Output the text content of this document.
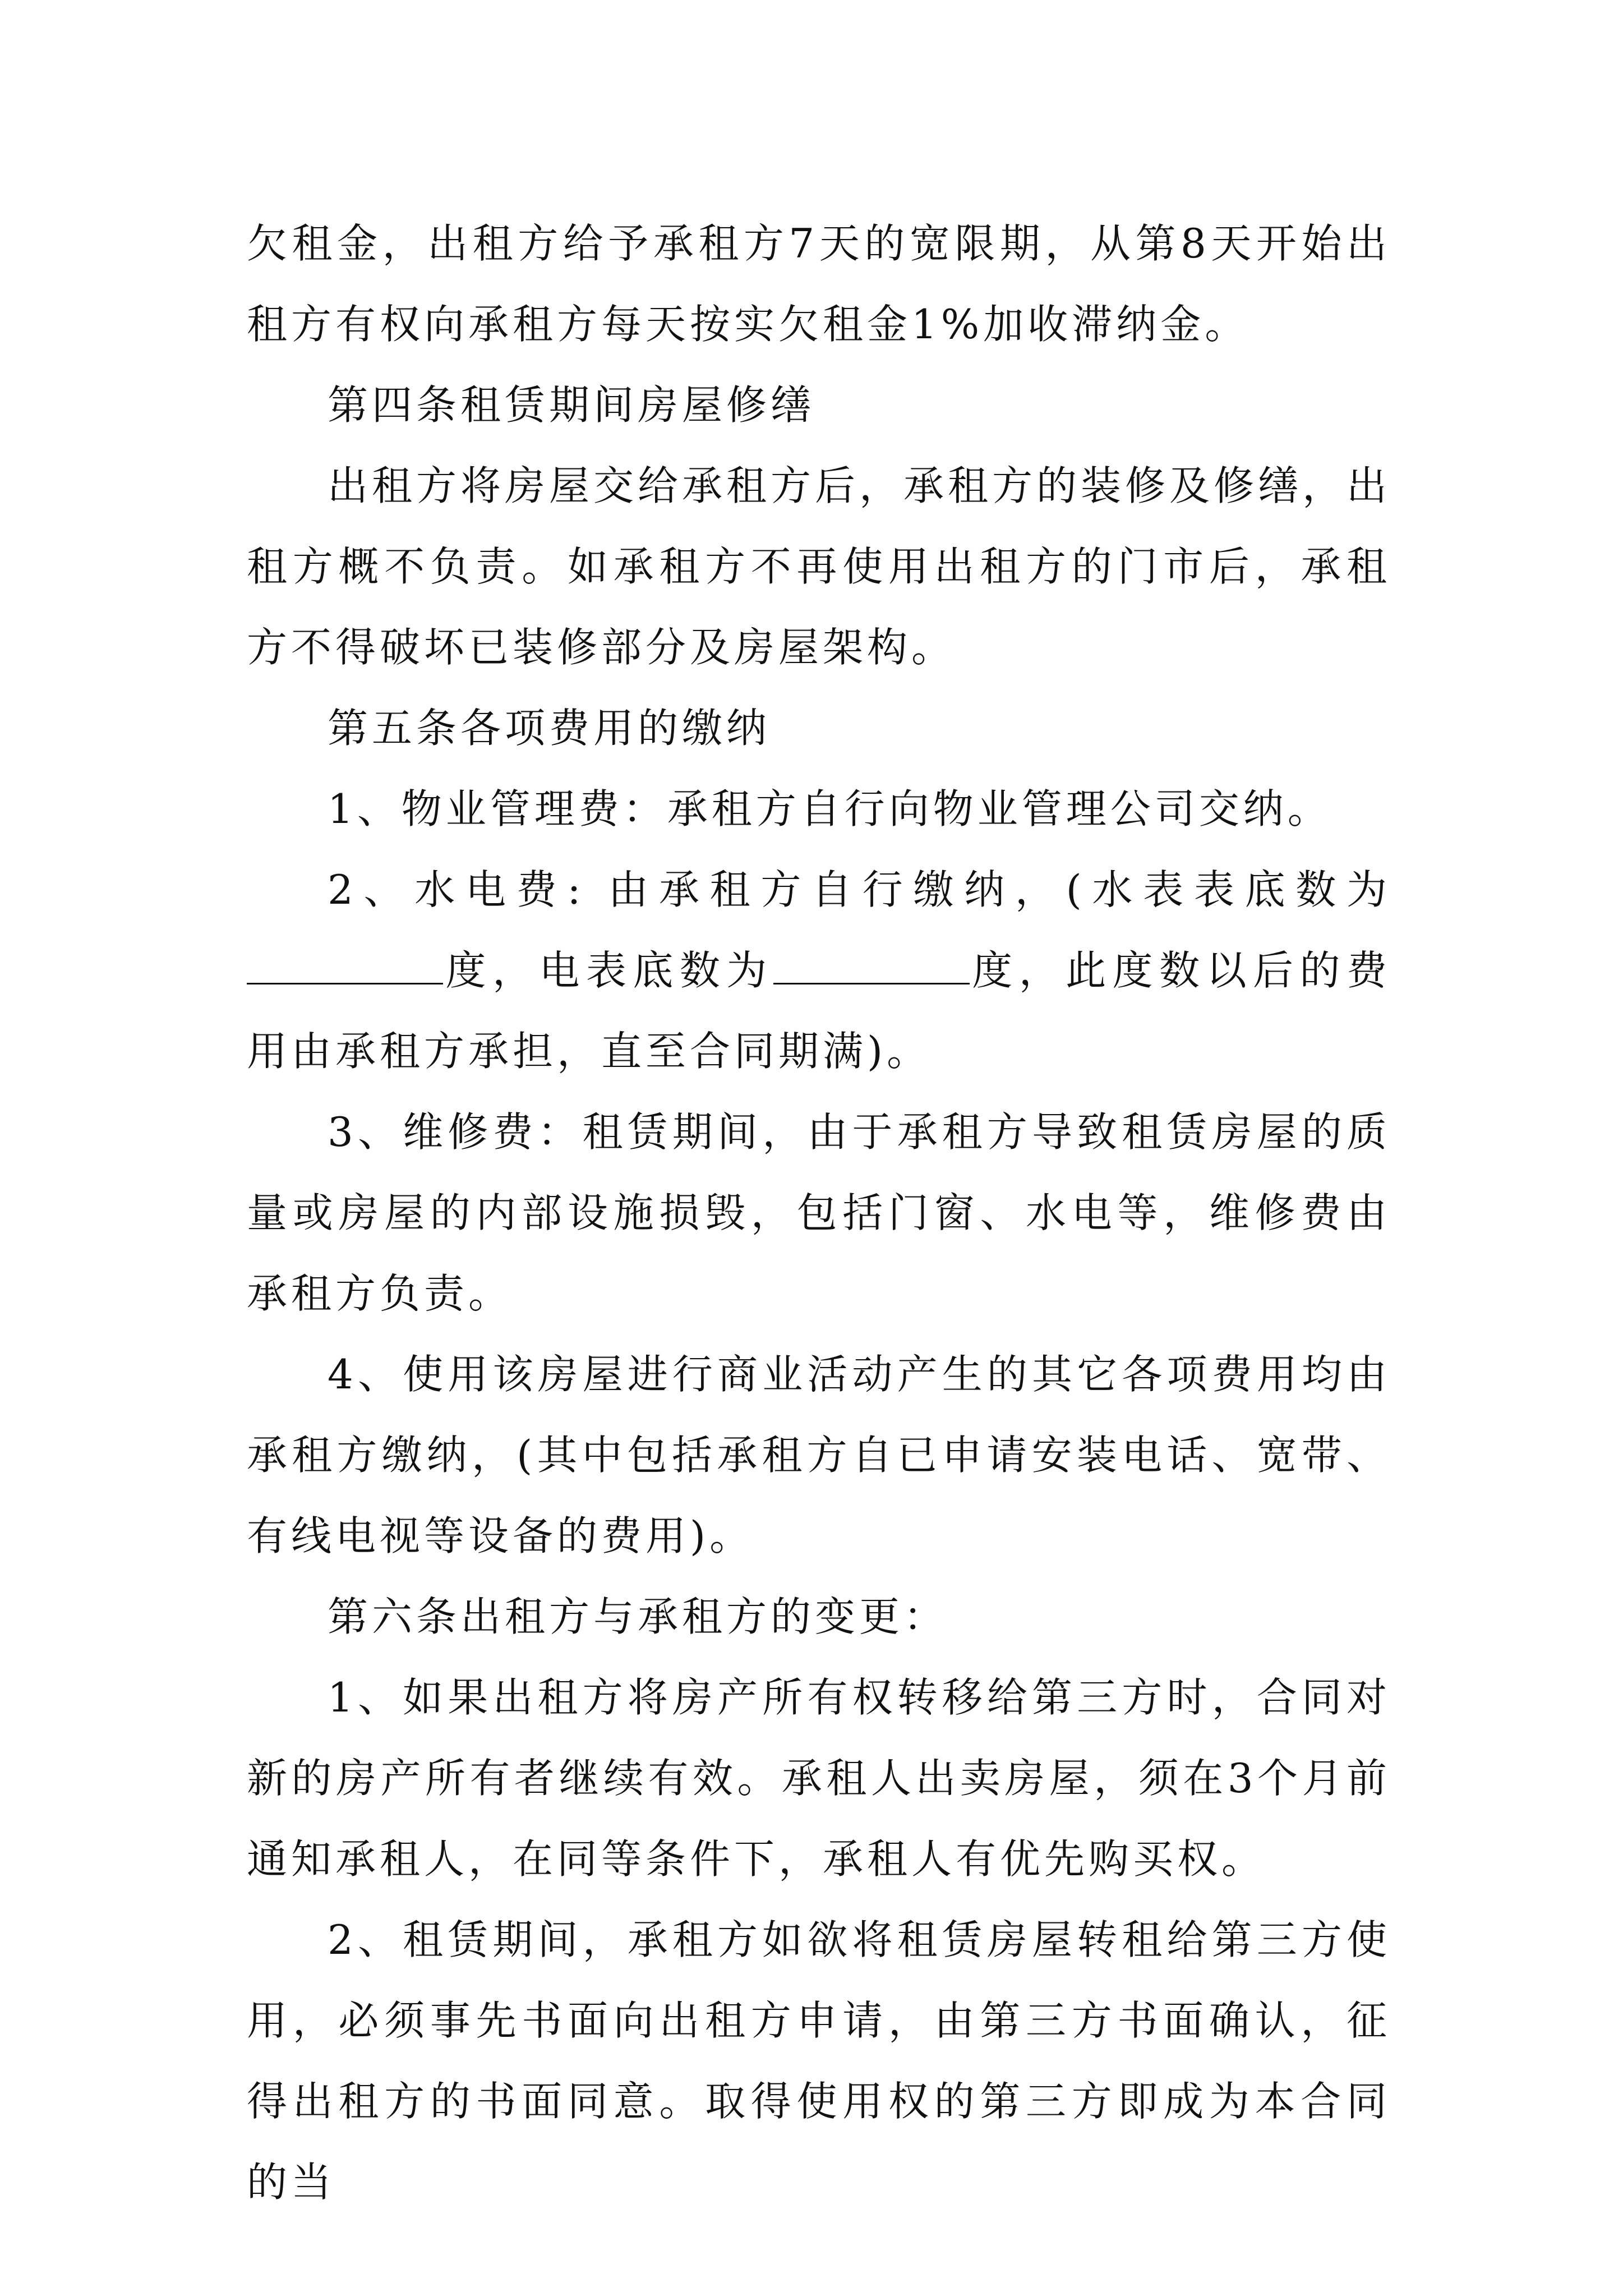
欠租金，出租方给予承租方7天的宽限期，从第8天开始出租方有权向承租方每天按实欠租金1%加收滞纳金。

第四条租赁期间房屋修缮

出租方将房屋交给承租方后，承租方的装修及修缮，出租方概不负责。如承租方不再使用出租方的门市后，承租方不得破坏已装修部分及房屋架构。

第五条各项费用的缴纳

1、物业管理费：承租方自行向物业管理公司交纳。

2、水电费: 由承租方自行缴纳，(水表表底数为度，电表底数为	度，此度数以后的费用由承租方承担，直至合同期满)。

3、维修费：租赁期间，由于承租方导致租赁房屋的质量或房屋的内部设施损毁，包括门窗、水电等，维修费由承租方负责。

4、使用该房屋进行商业活动产生的其它各项费用均由承租方缴纳，(其中包括承租方自已申请安装电话、宽带、有线电视等设备的费用)。

第六条出租方与承租方的变更：

1、如果出租方将房产所有权转移给第三方时，合同对新的房产所有者继续有效。承租人出卖房屋，须在3个月前通知承租人，在同等条件下，承租人有优先购买权。

2、租赁期间，承租方如欲将租赁房屋转租给第三方使用，必须事先书面向出租方申请，由第三方书面确认，征得出租方的书面同意。取得使用权的第三方即成为本合同的当
